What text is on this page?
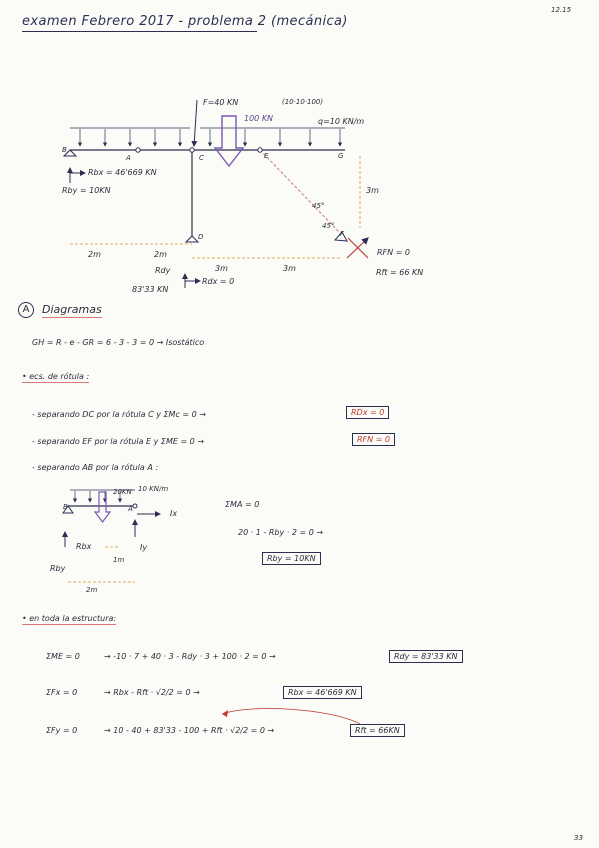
examen Febrero 2017 - problema 2 (mecánica)
12.15
F=40 KN	(10·10·100)
100 KN	q=10 KN/m
B
A	C	E	G
D	F
Rbx = 46'669 KN
Rby = 10KN
Rdy
83'33 KN
Rdx = 0
RFN = 0
Rft = 66 KN
2m	2m
3m	3m
3m
45°
45°
A	Diagramas
GH = R - e - GR = 6 - 3 - 3 = 0 → Isostático
• ecs. de rótula :
- separando DC por la rótula C y ΣMc = 0 →	RDx = 0
- separando EF por la rótula E y ΣME = 0 →	RFN = 0
- separando AB por la rótula A :
20KN 10 KN/m
A
B
Ix
Iy
Rbx
Rby
1m
2m
ΣMA = 0
20 · 1 - Rby · 2 = 0 →
Rby = 10KN
• en toda la estructura:
ΣME = 0	→ -10 · 7 + 40 · 3 - Rdy · 3 + 100 · 2 = 0 →	Rdy = 83'33 KN
ΣFx = 0	→ Rbx - Rft · √2/2 = 0 →	Rbx = 46'669 KN
ΣFy = 0	→ 10 - 40 + 83'33 - 100 + Rft · √2/2 = 0 →	Rft = 66KN
33
